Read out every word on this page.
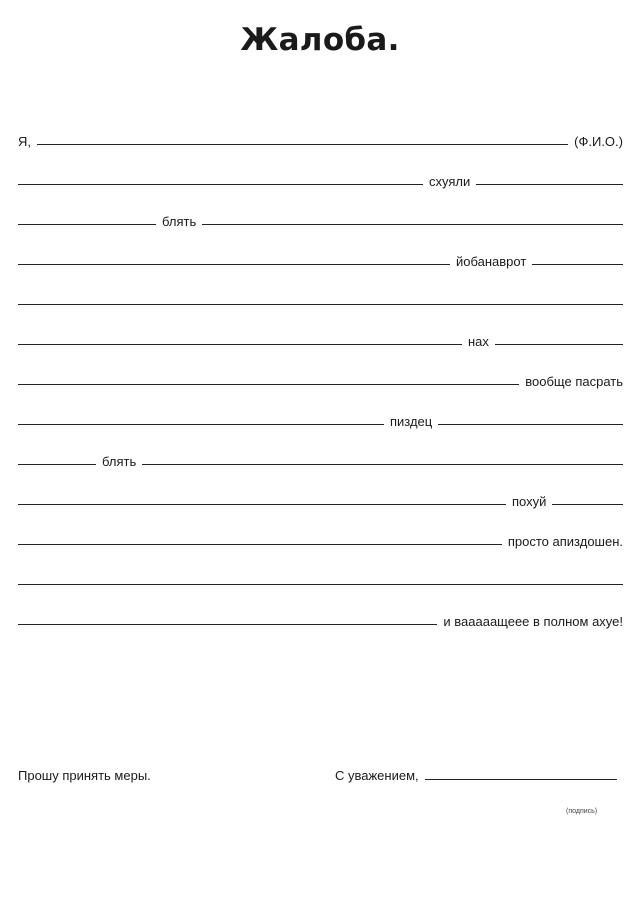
Жалоба.
Я,	(Ф.И.О.)
схуяли
блять
йобанаврот
нах
вообще пасрать
пиздец
блять
похуй
просто апиздошен.
и вааааащеее в полном ахуе!
Прошу принять меры.	С уважением,
(подпись)
